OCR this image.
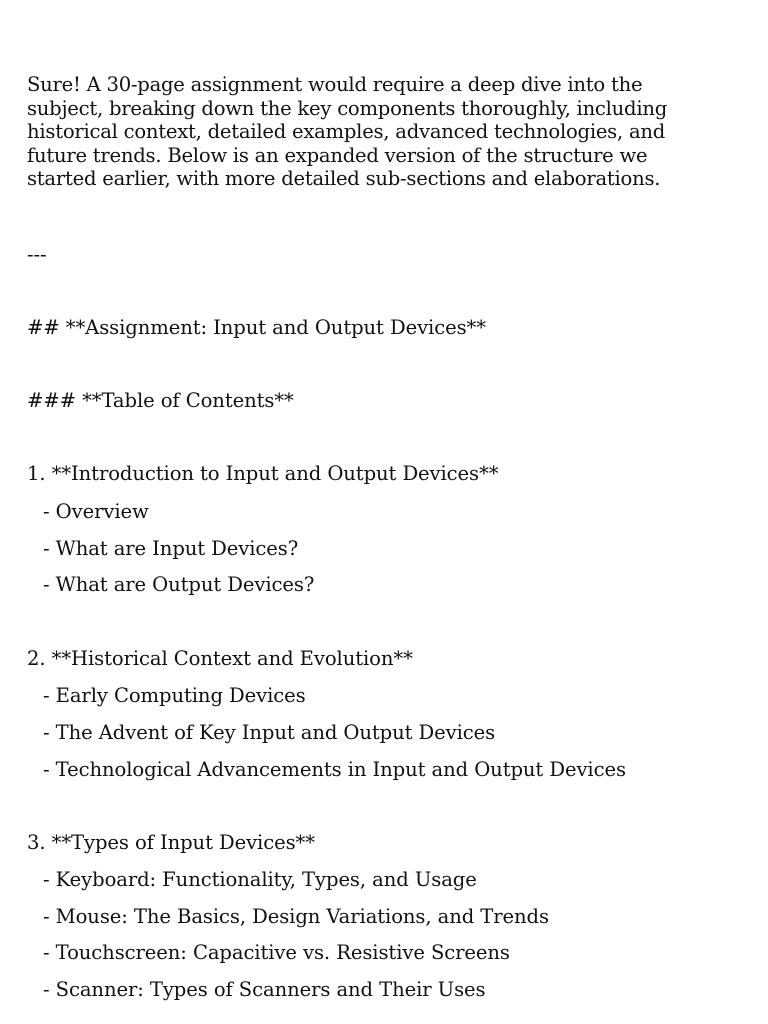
Sure! A 30-page assignment would require a deep dive into the subject, breaking down the key components thoroughly, including historical context, detailed examples, advanced technologies, and future trends. Below is an expanded version of the structure we started earlier, with more detailed sub-sections and elaborations.

---

## **Assignment: Input and Output Devices**

### **Table of Contents**

1. **Introduction to Input and Output Devices**

- Overview

- What are Input Devices?

- What are Output Devices?

2. **Historical Context and Evolution**

- Early Computing Devices

- The Advent of Key Input and Output Devices

- Technological Advancements in Input and Output Devices

3. **Types of Input Devices**

- Keyboard: Functionality, Types, and Usage

- Mouse: The Basics, Design Variations, and Trends

- Touchscreen: Capacitive vs. Resistive Screens

- Scanner: Types of Scanners and Their Uses
